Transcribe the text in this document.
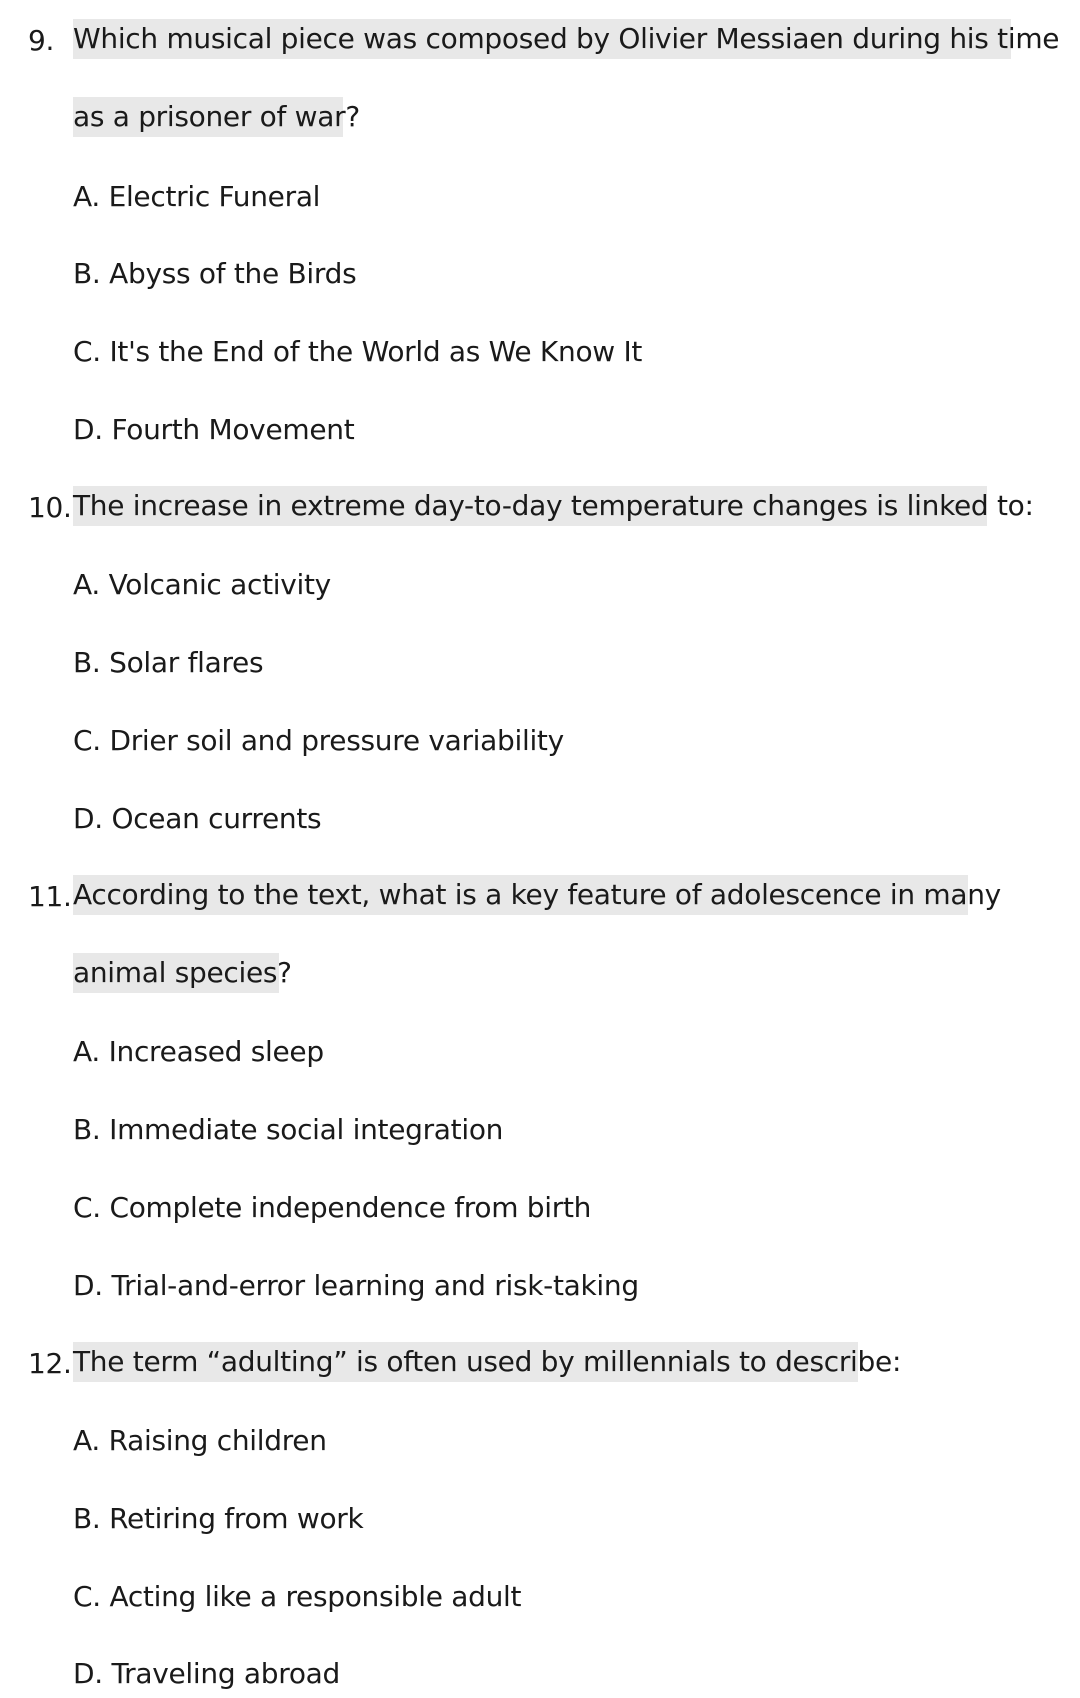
9. Which musical piece was composed by Olivier Messiaen during his time
as a prisoner of war?
A. Electric Funeral
B. Abyss of the Birds
C. It's the End of the World as We Know It
D. Fourth Movement
10. The increase in extreme day-to-day temperature changes is linked to:
A. Volcanic activity
B. Solar flares
C. Drier soil and pressure variability
D. Ocean currents
11. According to the text, what is a key feature of adolescence in many
animal species?
A. Increased sleep
B. Immediate social integration
C. Complete independence from birth
D. Trial-and-error learning and risk-taking
12. The term “adulting” is often used by millennials to describe:
A. Raising children
B. Retiring from work
C. Acting like a responsible adult
D. Traveling abroad
